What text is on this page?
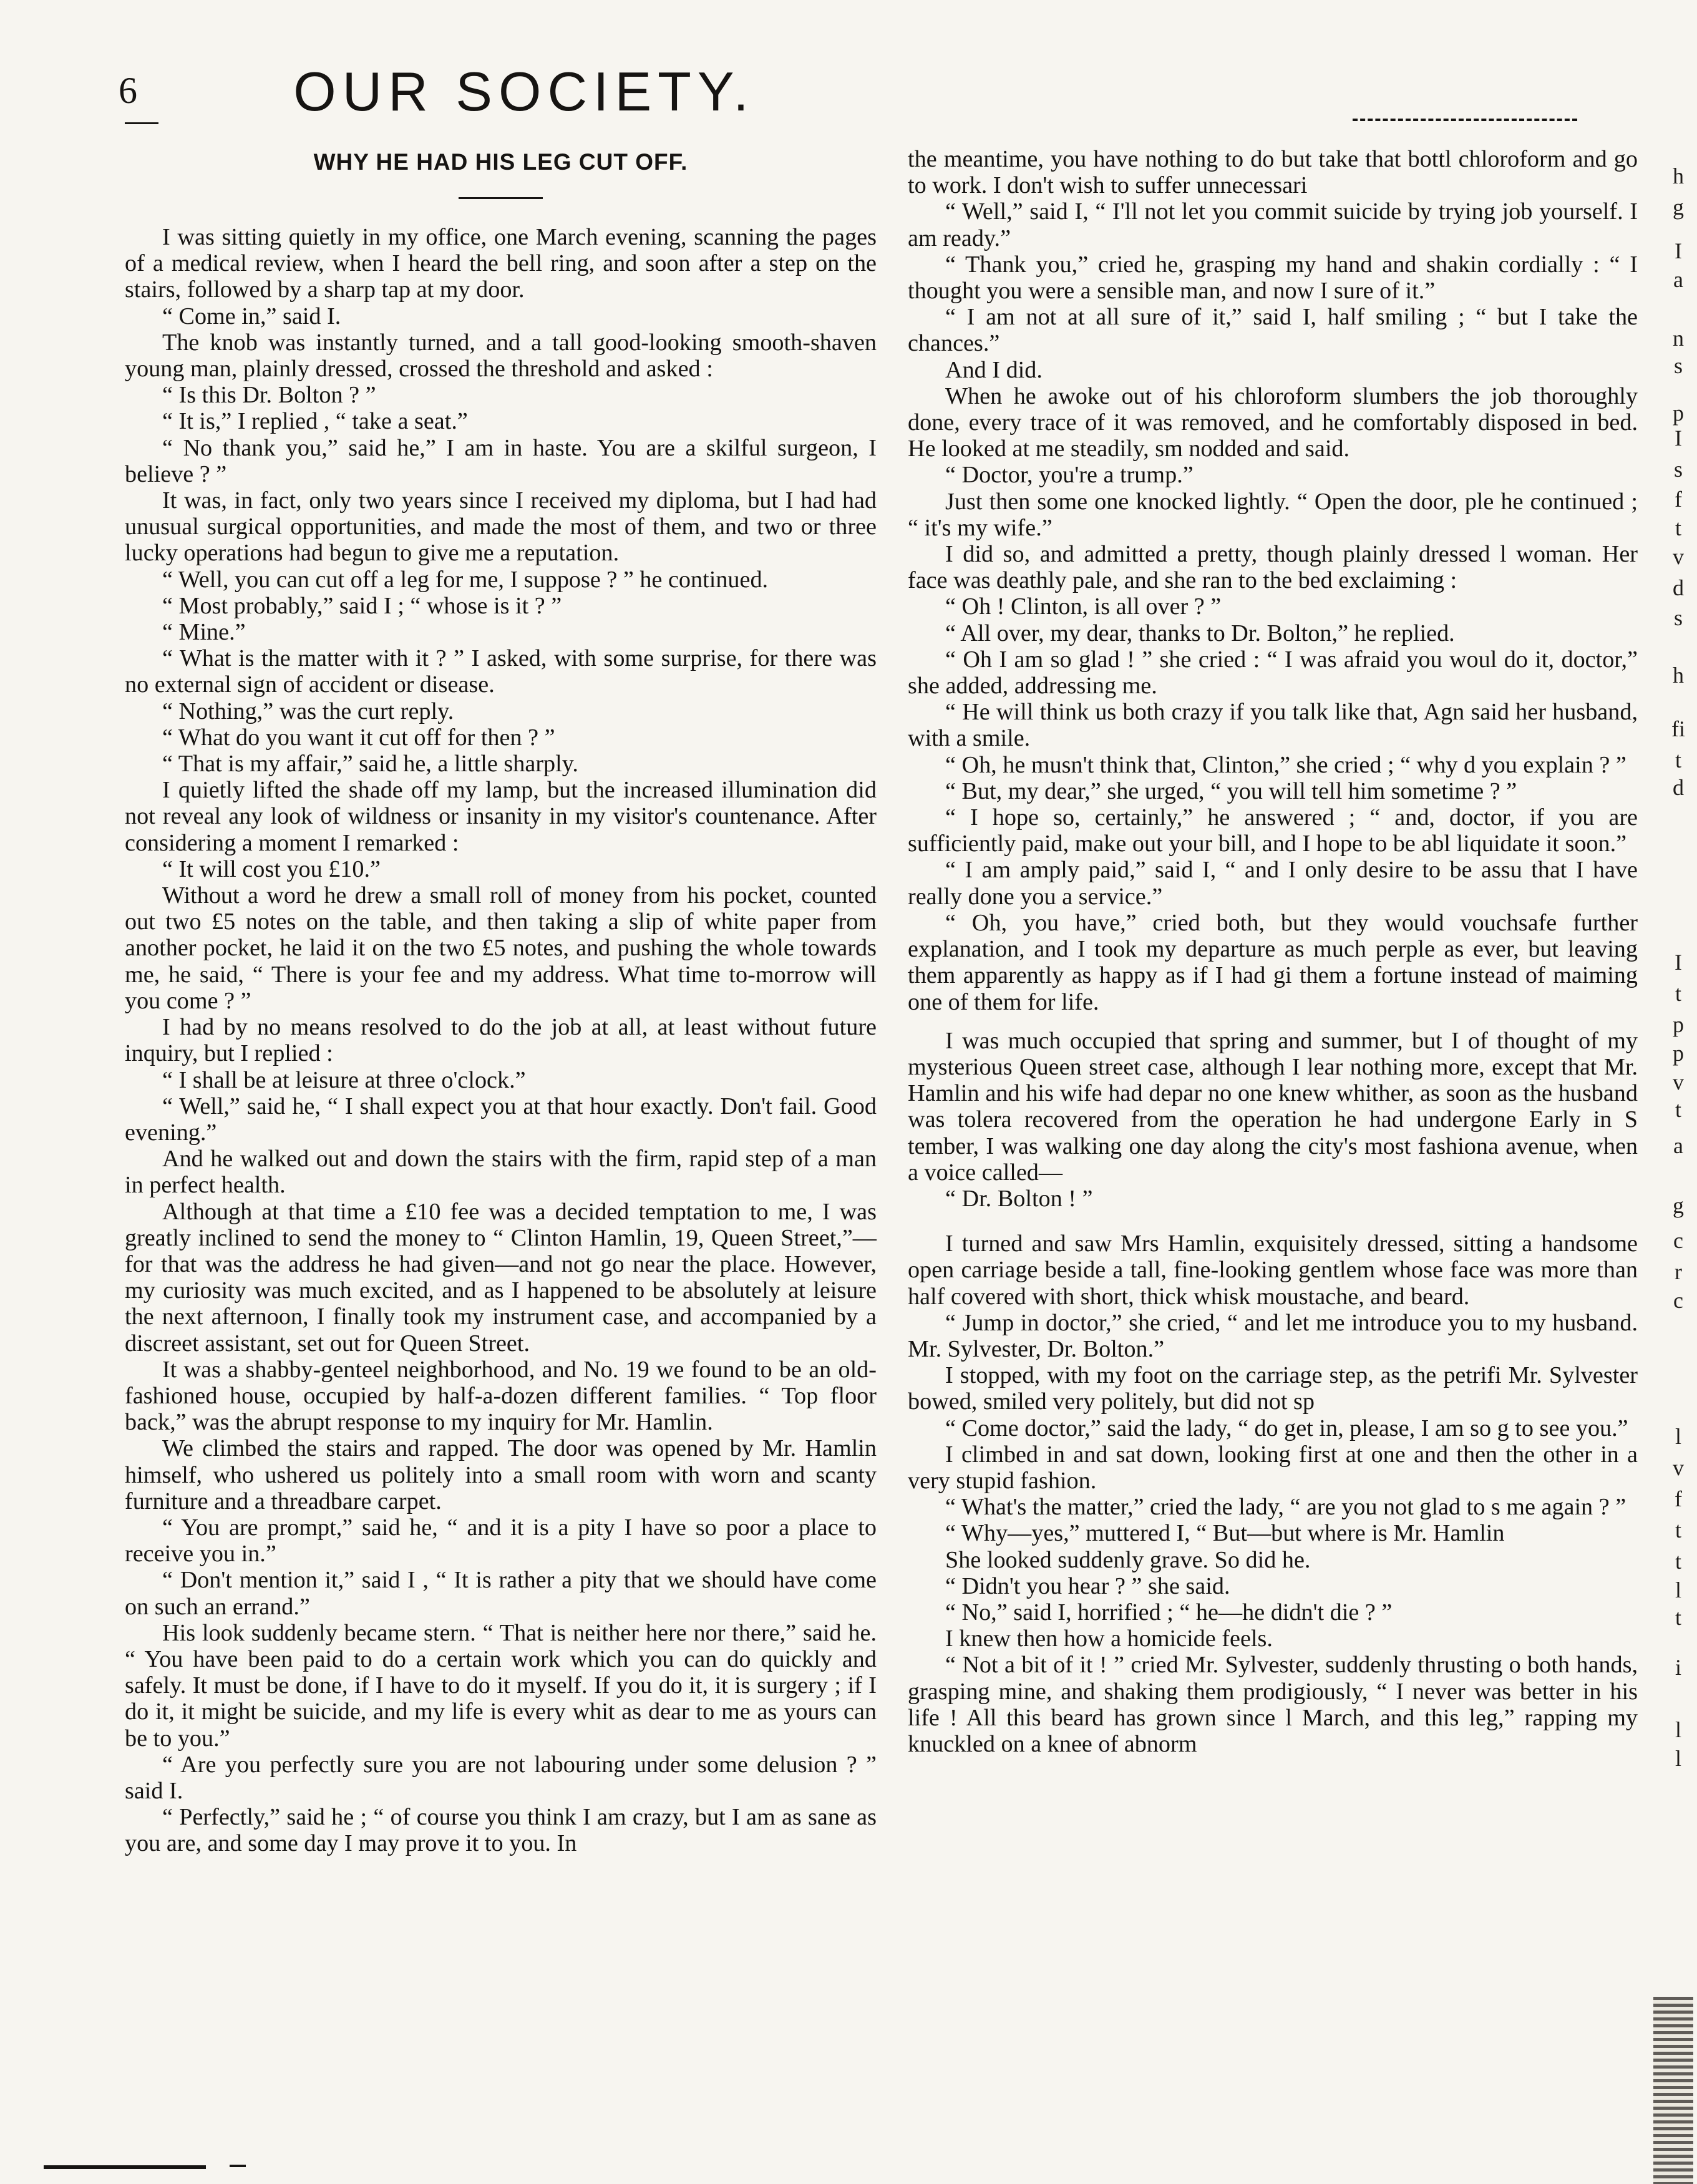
6	OUR SOCIETY.
WHY HE HAD HIS LEG CUT OFF.

I was sitting quietly in my office, one March evening, scanning the pages of a medical review, when I heard the bell ring, and soon after a step on the stairs, followed by a sharp tap at my door.

“ Come in,” said I.

The knob was instantly turned, and a tall good-looking smooth-shaven young man, plainly dressed, crossed the threshold and asked :

“ Is this Dr. Bolton ? ”

“ It is,” I replied , “ take a seat.”

“ No thank you,” said he,” I am in haste. You are a skilful surgeon, I believe ? ”

It was, in fact, only two years since I received my diploma, but I had had unusual surgical opportunities, and made the most of them, and two or three lucky operations had begun to give me a reputation.

“ Well, you can cut off a leg for me, I suppose ? ” he continued.

“ Most probably,” said I ; “ whose is it ? ”

“ Mine.”

“ What is the matter with it ? ” I asked, with some surprise, for there was no external sign of accident or disease.

“ Nothing,” was the curt reply.

“ What do you want it cut off for then ? ”

“ That is my affair,” said he, a little sharply.

I quietly lifted the shade off my lamp, but the increased illumination did not reveal any look of wildness or insanity in my visitor's countenance. After considering a moment I remarked :

“ It will cost you £10.”

Without a word he drew a small roll of money from his pocket, counted out two £5 notes on the table, and then taking a slip of white paper from another pocket, he laid it on the two £5 notes, and pushing the whole towards me, he said, “ There is your fee and my address. What time to-morrow will you come ? ”

I had by no means resolved to do the job at all, at least without future inquiry, but I replied :

“ I shall be at leisure at three o'clock.”

“ Well,” said he, “ I shall expect you at that hour exactly. Don't fail. Good evening.”

And he walked out and down the stairs with the firm, rapid step of a man in perfect health.

Although at that time a £10 fee was a decided temptation to me, I was greatly inclined to send the money to “ Clinton Hamlin, 19, Queen Street,”—for that was the address he had given—and not go near the place. However, my curiosity was much excited, and as I happened to be absolutely at leisure the next afternoon, I finally took my instrument case, and accompanied by a discreet assistant, set out for Queen Street.

It was a shabby-genteel neighborhood, and No. 19 we found to be an old-fashioned house, occupied by half-a-dozen different families. “ Top floor back,” was the abrupt response to my inquiry for Mr. Hamlin.

We climbed the stairs and rapped. The door was opened by Mr. Hamlin himself, who ushered us politely into a small room with worn and scanty furniture and a threadbare carpet.

“ You are prompt,” said he, “ and it is a pity I have so poor a place to receive you in.”

“ Don't mention it,” said I , “ It is rather a pity that we should have come on such an errand.”

His look suddenly became stern. “ That is neither here nor there,” said he. “ You have been paid to do a certain work which you can do quickly and safely. It must be done, if I have to do it myself. If you do it, it is surgery ; if I do it, it might be suicide, and my life is every whit as dear to me as yours can be to you.”

“ Are you perfectly sure you are not labouring under some delusion ? ” said I.

“ Perfectly,” said he ; “ of course you think I am crazy, but I am as sane as you are, and some day I may prove it to you. In

the meantime, you have nothing to do but take that bottl chloroform and go to work. I don't wish to suffer unnecessari

“ Well,” said I, “ I'll not let you commit suicide by trying job yourself. I am ready.”

“ Thank you,” cried he, grasping my hand and shakin cordially : “ I thought you were a sensible man, and now I sure of it.”

“ I am not at all sure of it,” said I, half smiling ; “ but I take the chances.”

And I did.

When he awoke out of his chloroform slumbers the job thoroughly done, every trace of it was removed, and he comfortably disposed in bed. He looked at me steadily, sm nodded and said.

“ Doctor, you're a trump.”

Just then some one knocked lightly. “ Open the door, ple he continued ; “ it's my wife.”

I did so, and admitted a pretty, though plainly dressed l woman. Her face was deathly pale, and she ran to the bed exclaiming :

“ Oh ! Clinton, is all over ? ”

“ All over, my dear, thanks to Dr. Bolton,” he replied.

“ Oh I am so glad ! ” she cried : “ I was afraid you woul do it, doctor,” she added, addressing me.

“ He will think us both crazy if you talk like that, Agn said her husband, with a smile.

“ Oh, he musn't think that, Clinton,” she cried ; “ why d you explain ? ”

“ But, my dear,” she urged, “ you will tell him sometime ? ”

“ I hope so, certainly,” he answered ; “ and, doctor, if you are sufficiently paid, make out your bill, and I hope to be abl liquidate it soon.”

“ I am amply paid,” said I, “ and I only desire to be assu that I have really done you a service.”

“ Oh, you have,” cried both, but they would vouchsafe further explanation, and I took my departure as much perple as ever, but leaving them apparently as happy as if I had gi them a fortune instead of maiming one of them for life.

I was much occupied that spring and summer, but I of thought of my mysterious Queen street case, although I lear nothing more, except that Mr. Hamlin and his wife had depar no one knew whither, as soon as the husband was tolera recovered from the operation he had undergone Early in S tember, I was walking one day along the city's most fashiona avenue, when a voice called—

“ Dr. Bolton ! ”

I turned and saw Mrs Hamlin, exquisitely dressed, sitting a handsome open carriage beside a tall, fine-looking gentlem whose face was more than half covered with short, thick whisk moustache, and beard.

“ Jump in doctor,” she cried, “ and let me introduce you to my husband. Mr. Sylvester, Dr. Bolton.”

I stopped, with my foot on the carriage step, as the petrifi Mr. Sylvester bowed, smiled very politely, but did not sp

“ Come doctor,” said the lady, “ do get in, please, I am so g to see you.”

I climbed in and sat down, looking first at one and then the other in a very stupid fashion.

“ What's the matter,” cried the lady, “ are you not glad to s me again ? ”

“ Why—yes,” muttered I, “ But—but where is Mr. Hamlin

She looked suddenly grave. So did he.

“ Didn't you hear ? ” she said.

“ No,” said I, horrified ; “ he—he didn't die ? ”

I knew then how a homicide feels.

“ Not a bit of it ! ” cried Mr. Sylvester, suddenly thrusting o both hands, grasping mine, and shaking them prodigiously, “ I never was better in his life ! All this beard has grown since l March, and this leg,” rapping my knuckled on a knee of abnorm

h
g
I
a
n
s
p
I
s
f
t
v
d
s
h
fi
t
d
I
t
p
p
v
t
a
g
c
r
c
l
v
f
t
t
l
t
i
l
l
